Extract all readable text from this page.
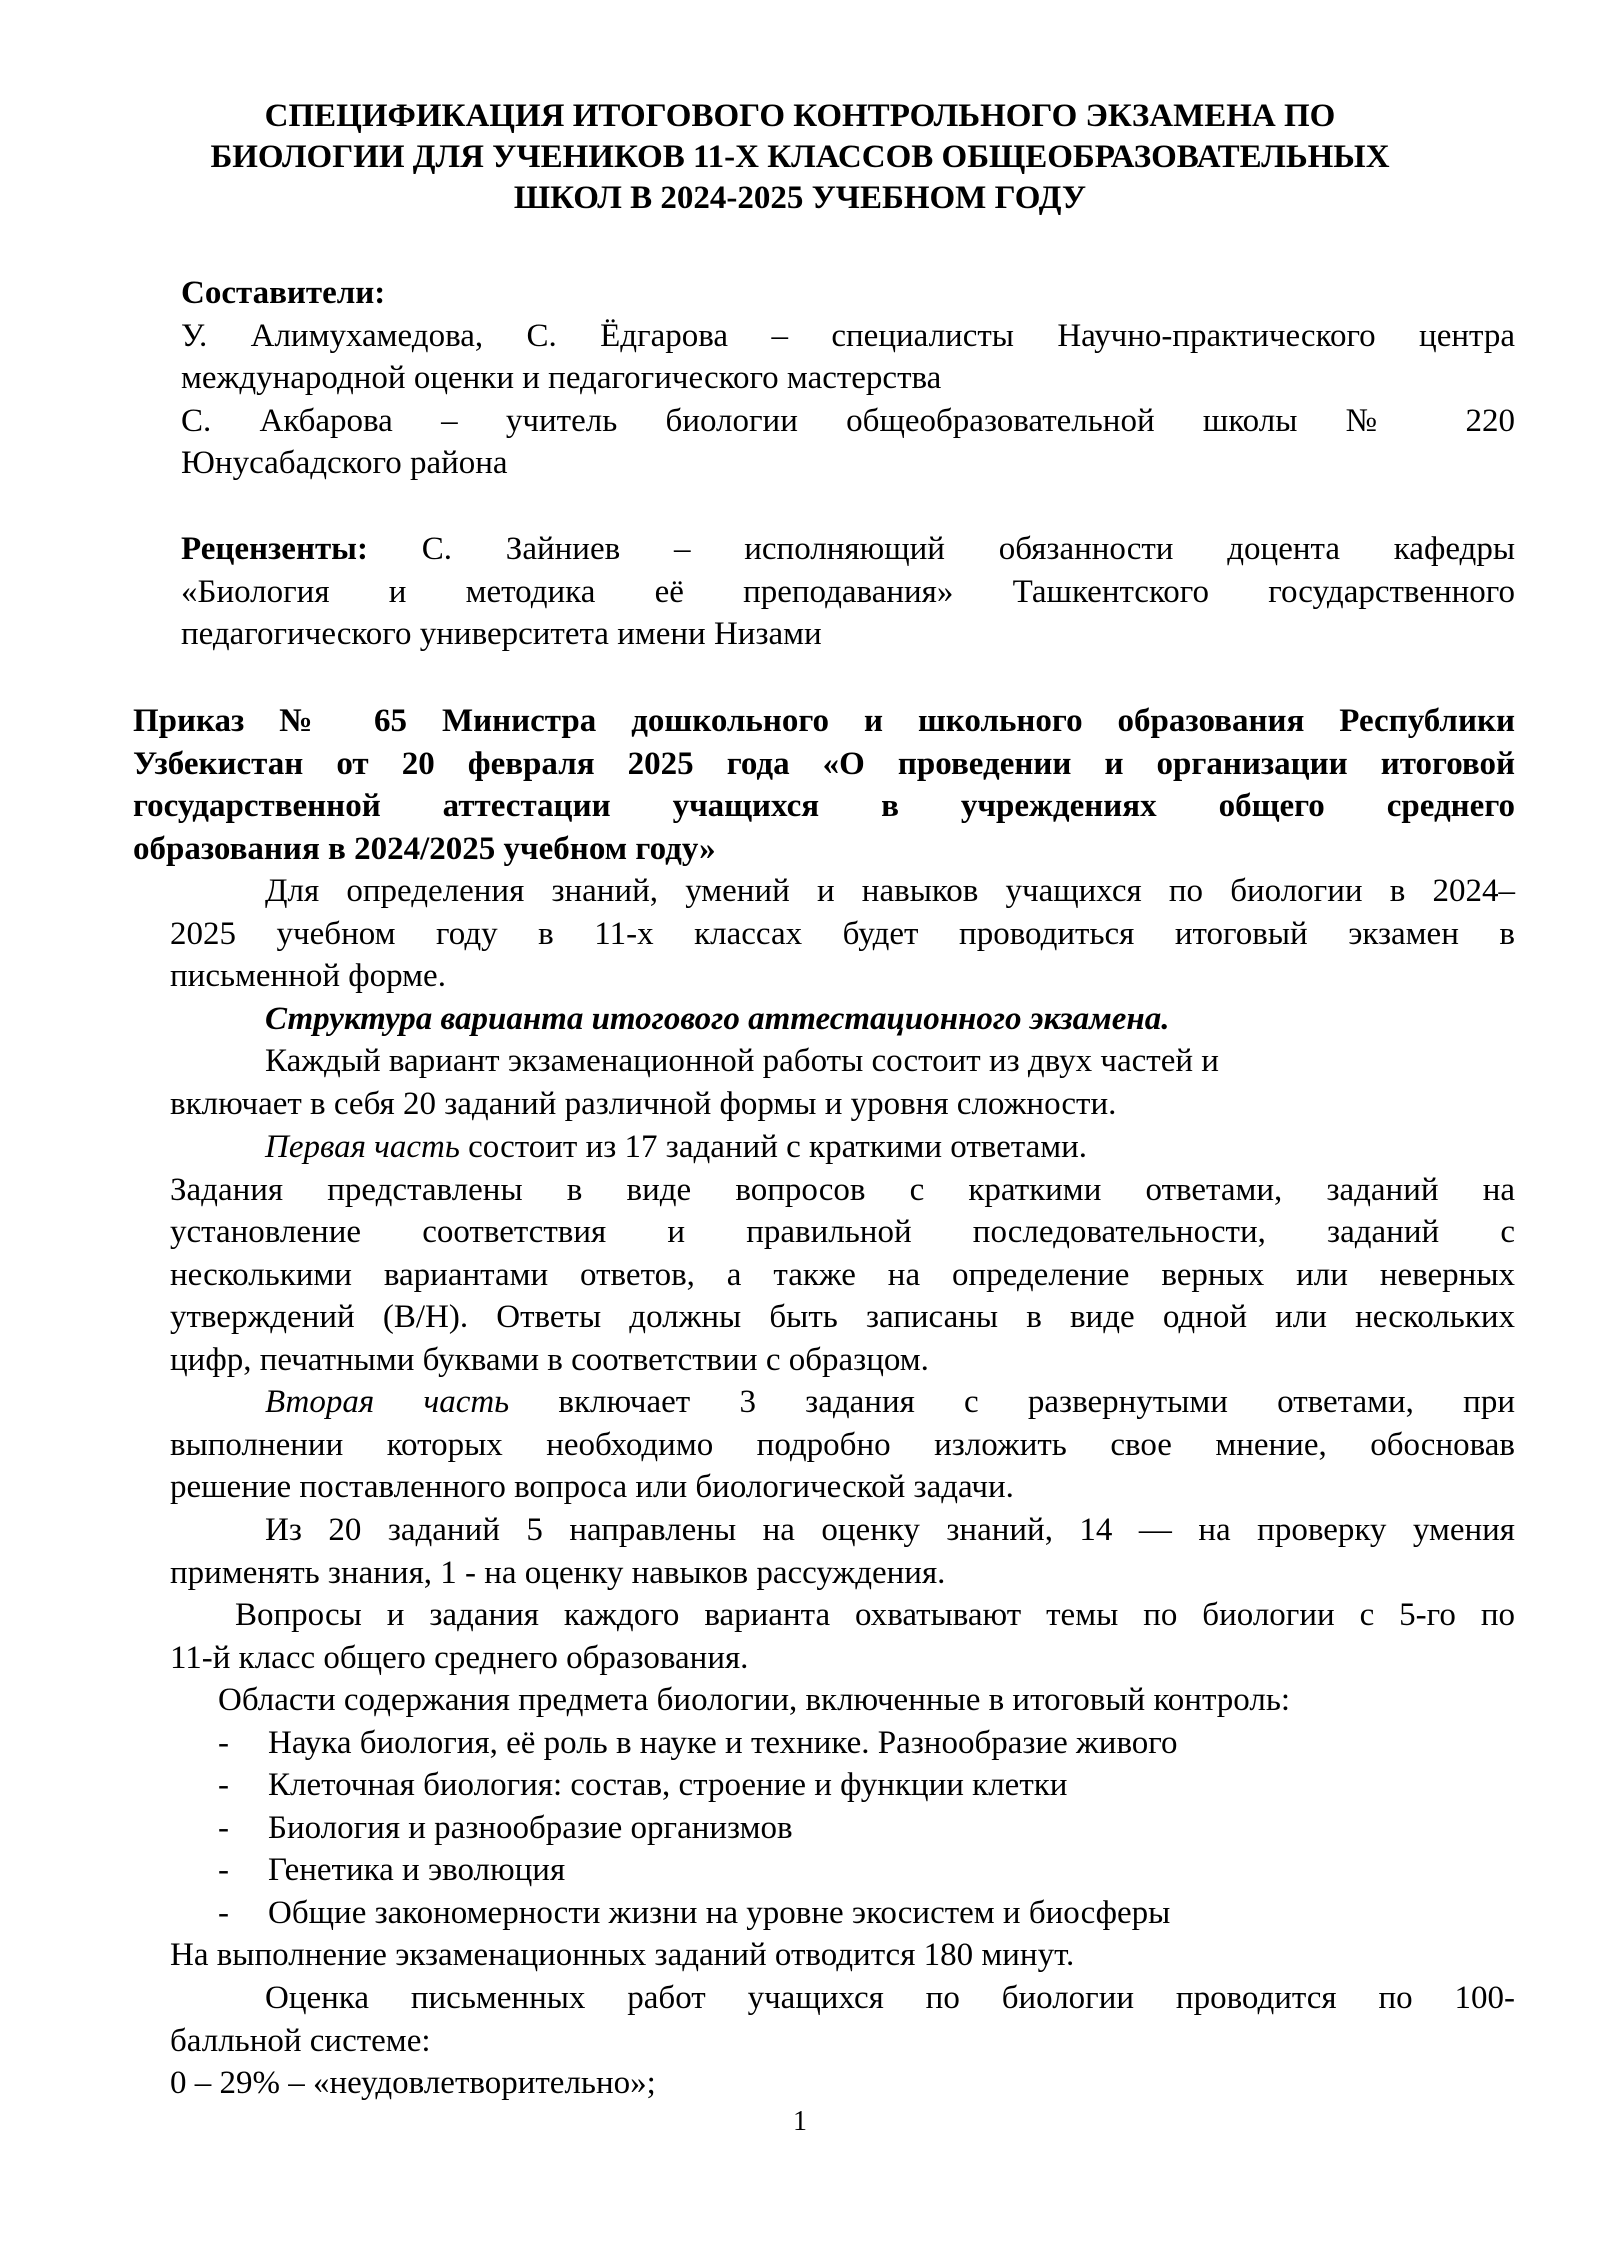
СПЕЦИФИКАЦИЯ ИТОГОВОГО КОНТРОЛЬНОГО ЭКЗАМЕНА ПО
БИОЛОГИИ ДЛЯ УЧЕНИКОВ 11-Х КЛАССОВ ОБЩЕОБРАЗОВАТЕЛЬНЫХ
ШКОЛ В 2024-2025 УЧЕБНОМ ГОДУ
Составители:
У. Алимухамедова, С. Ёдгарова – специалисты Научно-практического центра
международной оценки и педагогического мастерства
С. Акбарова – учитель биологии общеобразовательной школы № 220
Юнусабадского района
Рецензенты: С. Зайниев – исполняющий обязанности доцента кафедры
«Биология и методика её преподавания» Ташкентского государственного
педагогического университета имени Низами
Приказ № 65 Министра дошкольного и школьного образования Республики
Узбекистан от 20 февраля 2025 года «О проведении и организации итоговой
государственной аттестации учащихся в учреждениях общего среднего
образования в 2024/2025 учебном году»
Для определения знаний, умений и навыков учащихся по биологии в 2024–
2025 учебном году в 11-х классах будет проводиться итоговый экзамен в
письменной форме.
Структура варианта итогового аттестационного экзамена.
Каждый вариант экзаменационной работы состоит из двух частей и
включает в себя 20 заданий различной формы и уровня сложности.
Первая часть состоит из 17 заданий с краткими ответами.
Задания представлены в виде вопросов с краткими ответами, заданий на
установление соответствия и правильной последовательности, заданий с
несколькими вариантами ответов, а также на определение верных или неверных
утверждений (В/Н). Ответы должны быть записаны в виде одной или нескольких
цифр, печатными буквами в соответствии с образцом.
Вторая часть включает 3 задания с развернутыми ответами, при
выполнении которых необходимо подробно изложить свое мнение, обосновав
решение поставленного вопроса или биологической задачи.
Из 20 заданий 5 направлены на оценку знаний, 14 — на проверку умения
применять знания, 1 - на оценку навыков рассуждения.
Вопросы и задания каждого варианта охватывают темы по биологии с 5-го по
11-й класс общего среднего образования.
Области содержания предмета биологии, включенные в итоговый контроль:
- Наука биология, её роль в науке и технике. Разнообразие живого
- Клеточная биология: состав, строение и функции клетки
- Биология и разнообразие организмов
- Генетика и эволюция
- Общие закономерности жизни на уровне экосистем и биосферы
На выполнение экзаменационных заданий отводится 180 минут.
Оценка письменных работ учащихся по биологии проводится по 100-
балльной системе:
0 – 29% – «неудовлетворительно»;
1
